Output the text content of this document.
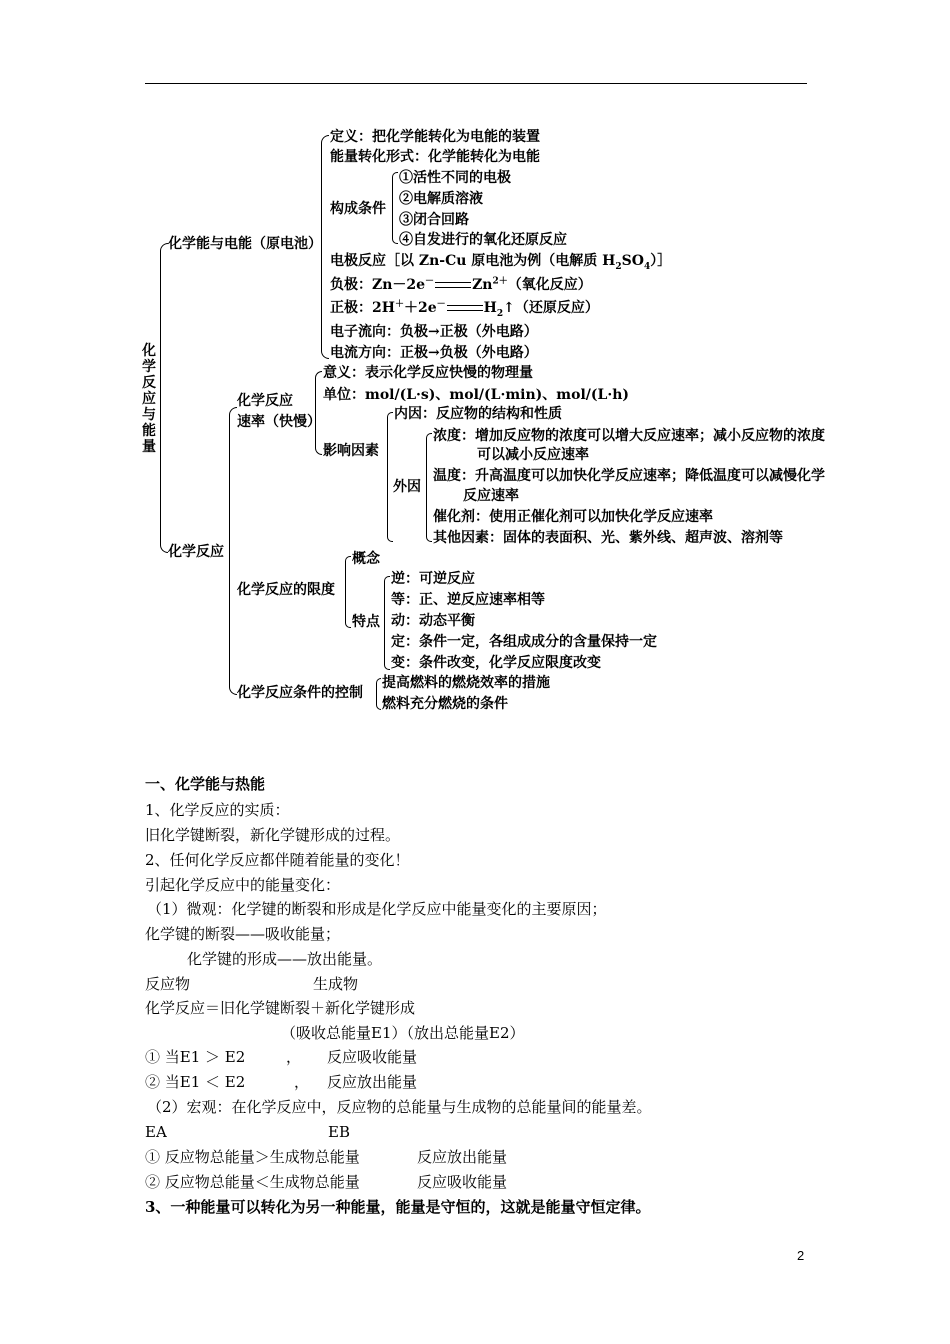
化学反应与能量
化学能与电能（原电池）
定义：把化学能转化为电能的装置
能量转化形式：化学能转化为电能
构成条件
①活性不同的电极
②电解质溶液
③闭合回路
④自发进行的氧化还原反应
电极反应［以 Zn-Cu 原电池为例（电解质 $H_2SO_4)]$
负极：Zn－2e－	$Zn^{2+}$（氧化反应）
正极：2H＋＋2e－	$H_2↑$（还原反应）
电子流向：负极→正极（外电路）
电流方向：正极→负极（外电路）
化学反应
化学反应
速率（快慢）
意义：表示化学反应快慢的物理量
单位：mol/(L·s)、mol/(L·min)、mol/(L·h)
影响因素
内因：反应物的结构和性质
外因
浓度：增加反应物的浓度可以增大反应速率；减小反应物的浓度
可以减小反应速率
温度：升高温度可以加快化学反应速率；降低温度可以减慢化学
反应速率
催化剂：使用正催化剂可以加快化学反应速率
其他因素：固体的表面积、光、紫外线、超声波、溶剂等
化学反应的限度
概念
特点
逆：可逆反应
等：正、逆反应速率相等
动：动态平衡
定：条件一定，各组成成分的含量保持一定
变：条件改变，化学反应限度改变
化学反应条件的控制
提高燃料的燃烧效率的措施
燃料充分燃烧的条件
一、化学能与热能
1、化学反应的实质：
旧化学键断裂，新化学键形成的过程。
2、任何化学反应都伴随着能量的变化！
引起化学反应中的能量变化：
（1）微观：化学键的断裂和形成是化学反应中能量变化的主要原因；
化学键的断裂——吸收能量；
化学键的形成——放出能量。
反应物	生成物
化学反应＝旧化学键断裂＋新化学键形成
（吸收总能量E1）（放出总能量E2）
① 当E1 ＞ E2	， 反应吸收能量
② 当E1 ＜ E2	， 反应放出能量
（2）宏观：在化学反应中，反应物的总能量与生成物的总能量间的能量差。
EA	EB
① 反应物总能量＞生成物总能量	反应放出能量
② 反应物总能量＜生成物总能量	反应吸收能量
3、一种能量可以转化为另一种能量，能量是守恒的，这就是能量守恒定律。
2
